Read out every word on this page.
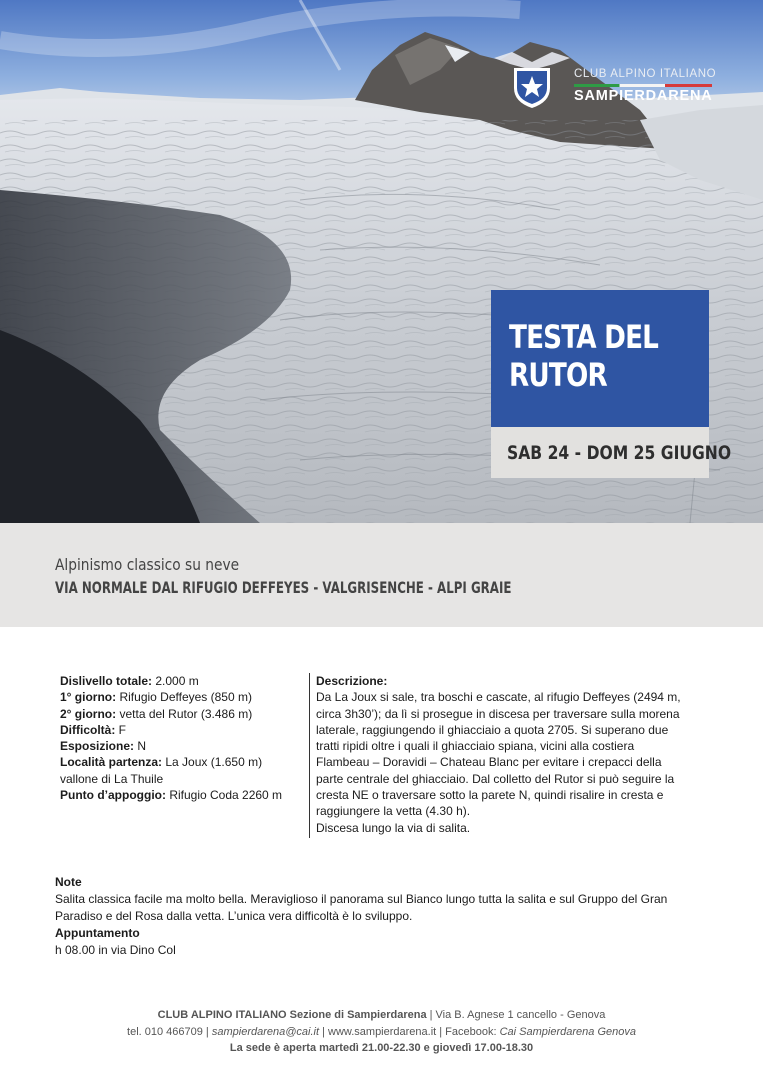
CLUB ALPINO ITALIANO
SAMPIERDARENA
TESTA DEL
RUTOR
SAB 24 - DOM 25 GIUGNO
Alpinismo classico su neve
VIA NORMALE DAL RIFUGIO DEFFEYES - VALGRISENCHE - ALPI GRAIE
Dislivello totale: 2.000 m
1° giorno: Rifugio Deffeyes (850 m)
2° giorno: vetta del Rutor (3.486 m)
Difficoltà: F
Esposizione: N
Località partenza: La Joux (1.650 m)
vallone di La Thuile
Punto d’appoggio: Rifugio Coda 2260 m
Descrizione:
Da La Joux si sale, tra boschi e cascate, al rifugio Deffeyes (2494 m,
circa 3h30’); da lì si prosegue in discesa per traversare sulla morena
laterale, raggiungendo il ghiacciaio a quota 2705. Si superano due
tratti ripidi oltre i quali il ghiacciaio spiana, vicini alla costiera
Flambeau – Doravidi – Chateau Blanc per evitare i crepacci della
parte centrale del ghiacciaio. Dal colletto del Rutor si può seguire la
cresta NE o traversare sotto la parete N, quindi risalire in cresta e
raggiungere la vetta (4.30 h).
Discesa lungo la via di salita.
Note
Salita classica facile ma molto bella. Meraviglioso il panorama sul Bianco lungo tutta la salita e sul Gruppo del Gran
Paradiso e del Rosa dalla vetta. L’unica vera difficoltà è lo sviluppo.
Appuntamento
h 08.00 in via Dino Col
CLUB ALPINO ITALIANO Sezione di Sampierdarena | Via B. Agnese 1 cancello - Genova
tel. 010 466709 | sampierdarena@cai.it | www.sampierdarena.it | Facebook: Cai Sampierdarena Genova
La sede è aperta martedì 21.00-22.30 e giovedì 17.00-18.30
